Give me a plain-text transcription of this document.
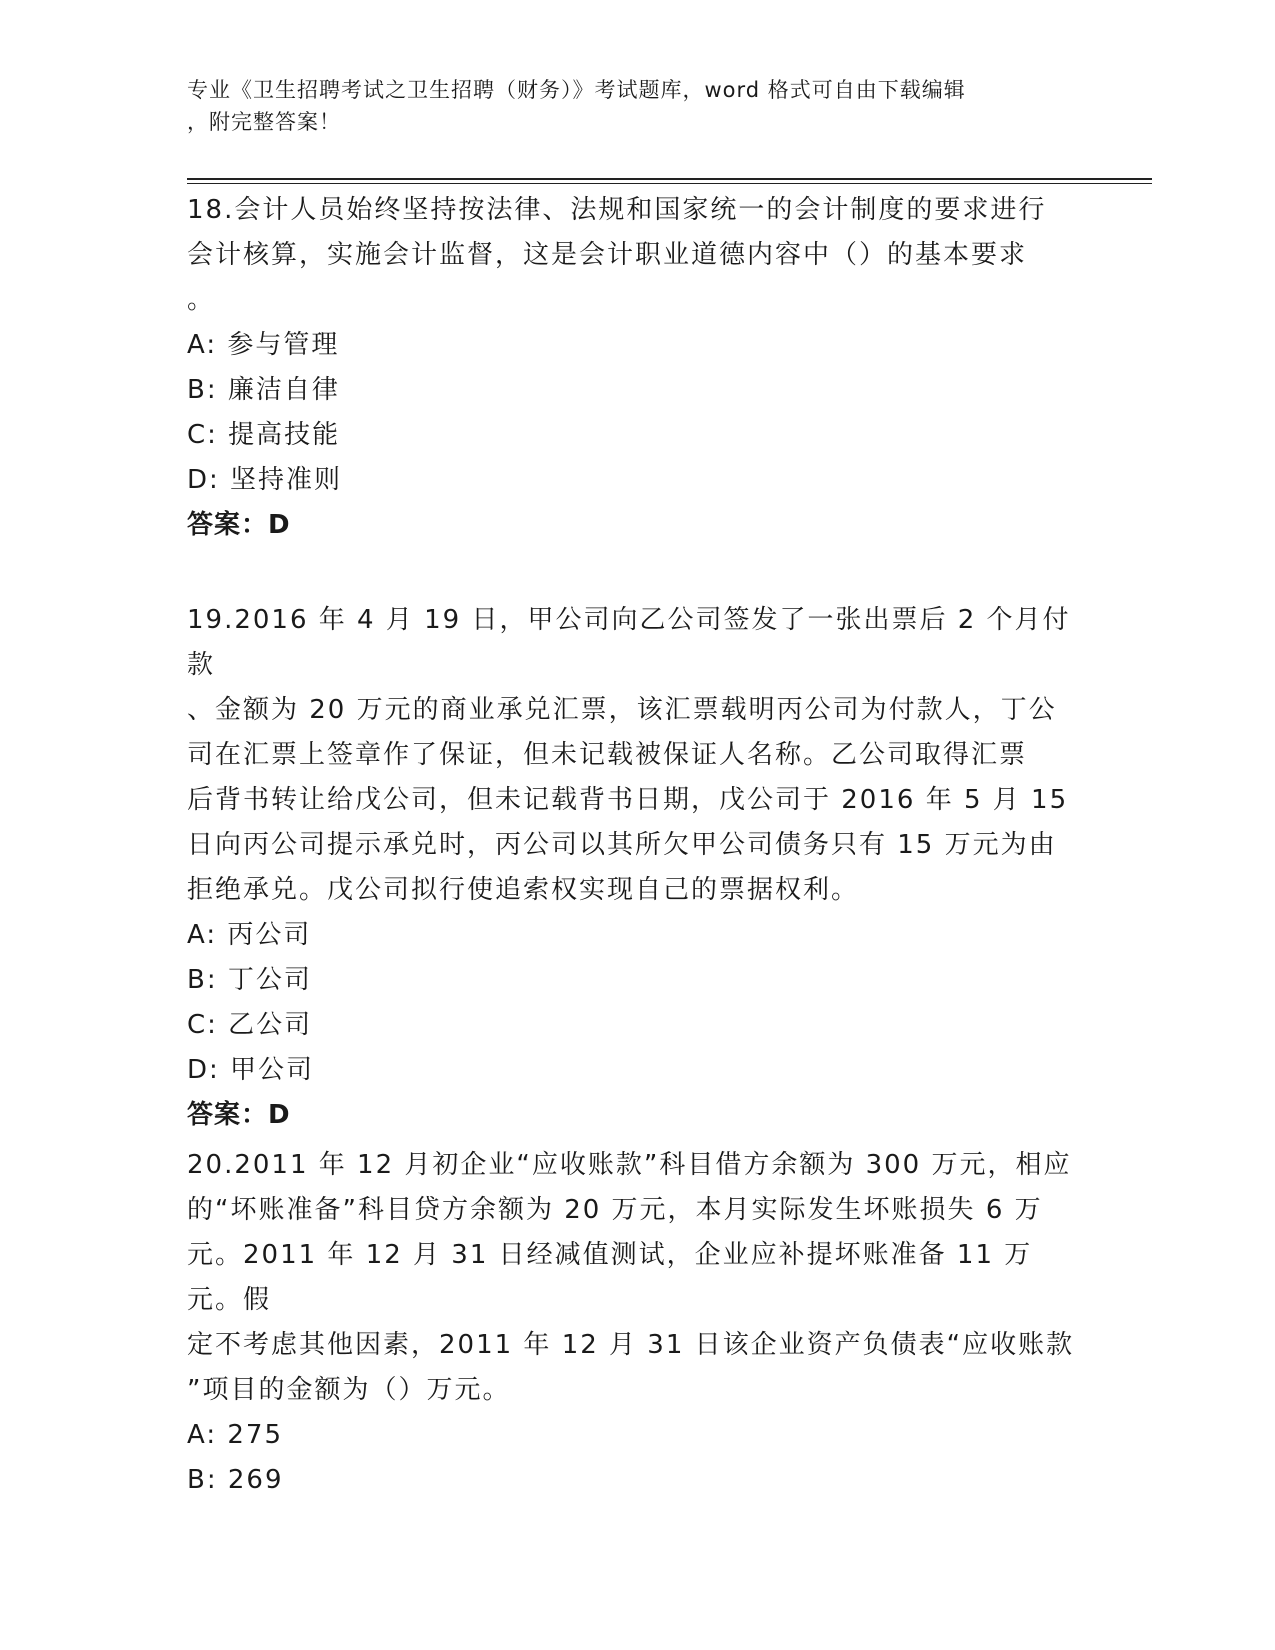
专业《卫生招聘考试之卫生招聘（财务）》考试题库，word 格式可自由下载编辑
，附完整答案！

18.会计人员始终坚持按法律、法规和国家统一的会计制度的要求进行

会计核算，实施会计监督，这是会计职业道德内容中（）的基本要求

。

A: 参与管理

B: 廉洁自律

C: 提高技能

D: 坚持准则

答案：D

19.2016 年 4 月 19 日，甲公司向乙公司签发了一张出票后 2 个月付款

、金额为 20 万元的商业承兑汇票，该汇票载明丙公司为付款人，丁公

司在汇票上签章作了保证，但未记载被保证人名称。乙公司取得汇票

后背书转让给戊公司，但未记载背书日期，戊公司于 2016 年 5 月 15

日向丙公司提示承兑时，丙公司以其所欠甲公司债务只有 15 万元为由

拒绝承兑。戊公司拟行使追索权实现自己的票据权利。

A: 丙公司

B: 丁公司

C: 乙公司

D: 甲公司

答案：D

20.2011 年 12 月初企业“应收账款”科目借方余额为 300 万元，相应

的“坏账准备”科目贷方余额为 20 万元，本月实际发生坏账损失 6 万

元。2011 年 12 月 31 日经减值测试，企业应补提坏账准备 11 万元。假

定不考虑其他因素，2011 年 12 月 31 日该企业资产负债表“应收账款

”项目的金额为（）万元。

A: 275

B: 269
